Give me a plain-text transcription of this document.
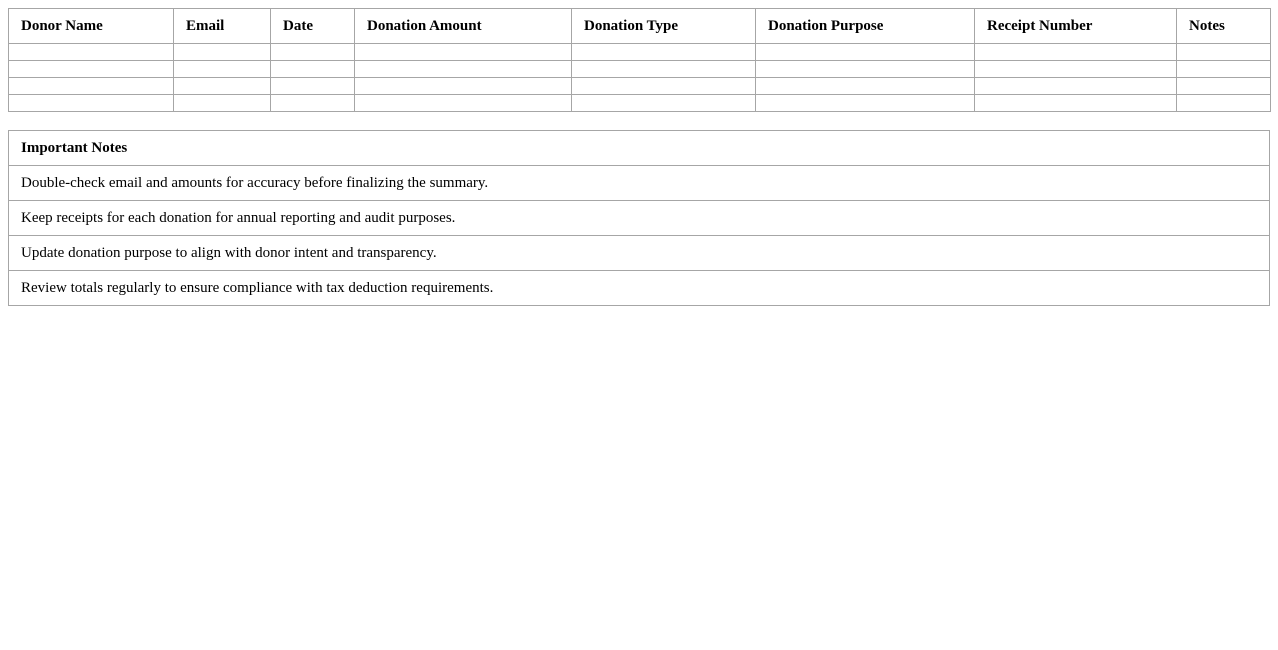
Donor Name	Email	Date	Donation Amount	Donation Type	Donation Purpose	Receipt Number	Notes

Important Notes
Double-check email and amounts for accuracy before finalizing the summary.
Keep receipts for each donation for annual reporting and audit purposes.
Update donation purpose to align with donor intent and transparency.
Review totals regularly to ensure compliance with tax deduction requirements.
